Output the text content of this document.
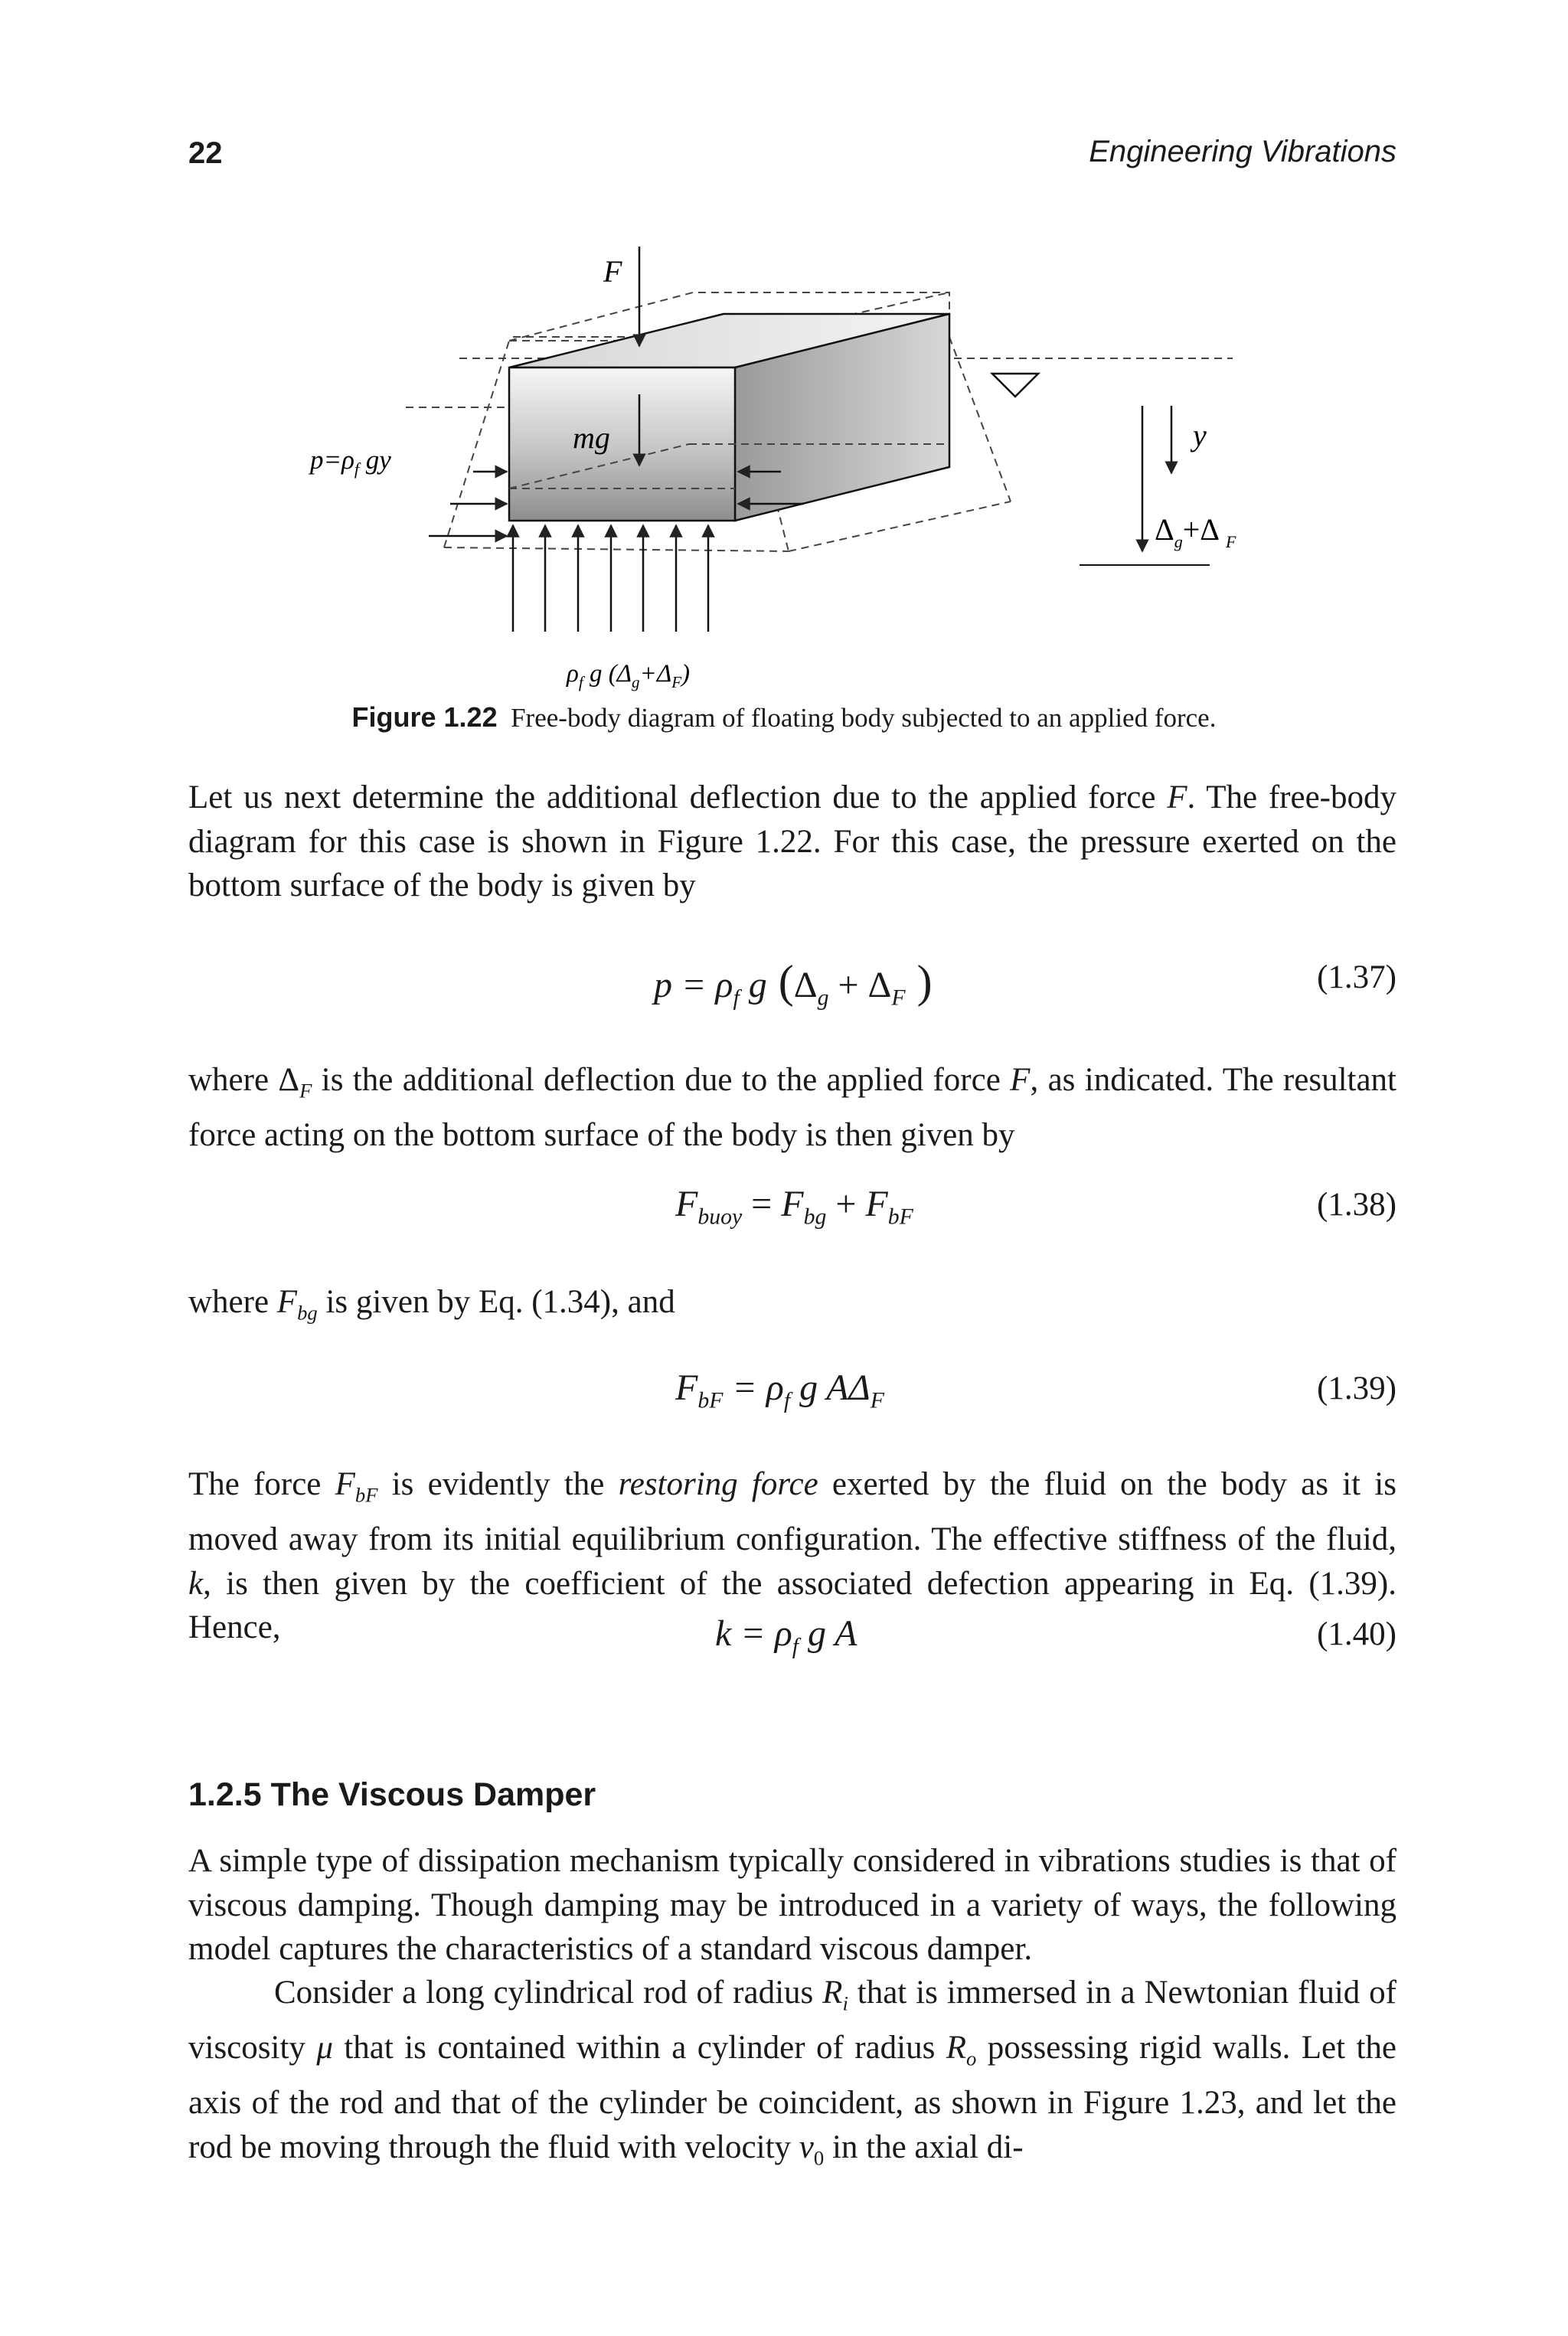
22	Engineering Vibrations
F
mg
$p=\rho_f$ gy
y
$\Delta_g+\Delta$ $_F$
$\rho_f$ g $(\Delta_g+\Delta_F)$
Figure 1.22 Free-body diagram of floating body subjected to an applied force.

Let us next determine the additional deflection due to the applied force F. The free-body diagram for this case is shown in Figure 1.22. For this case, the pressure exerted on the bottom surface of the body is given by

$p = \rho_f$ g ($\Delta_g + \Delta_F$ )	(1.37)

where $\Delta_F$ is the additional deflection due to the applied force F, as indicated. The resultant force acting on the bottom surface of the body is then given by

$F_{buoy} = F_{bg} + F_{bF}$	(1.38)

where $F_{bg}$ is given by Eq. (1.34), and

$F_{bF} = \rho_f$ g $A\Delta_F$	(1.39)

The force $F_{bF}$ is evidently the restoring force exerted by the fluid on the body as it is moved away from its initial equilibrium configuration. The effective stiffness of the fluid, k, is then given by the coefficient of the associated defection appearing in Eq. (1.39). Hence,	$k = \rho_f$ g A	(1.40)
1.2.5 The Viscous Damper

A simple type of dissipation mechanism typically considered in vibrations studies is that of viscous damping. Though damping may be introduced in a variety of ways, the following model captures the characteristics of a standard viscous damper.

Consider a long cylindrical rod of radius $R_i$ that is immersed in a Newtonian fluid of viscosity μ that is contained within a cylinder of radius $R_o$ possessing rigid walls. Let the axis of the rod and that of the cylinder be coincident, as shown in Figure 1.23, and let the rod be moving through the fluid with velocity $v_0$ in the axial di-
